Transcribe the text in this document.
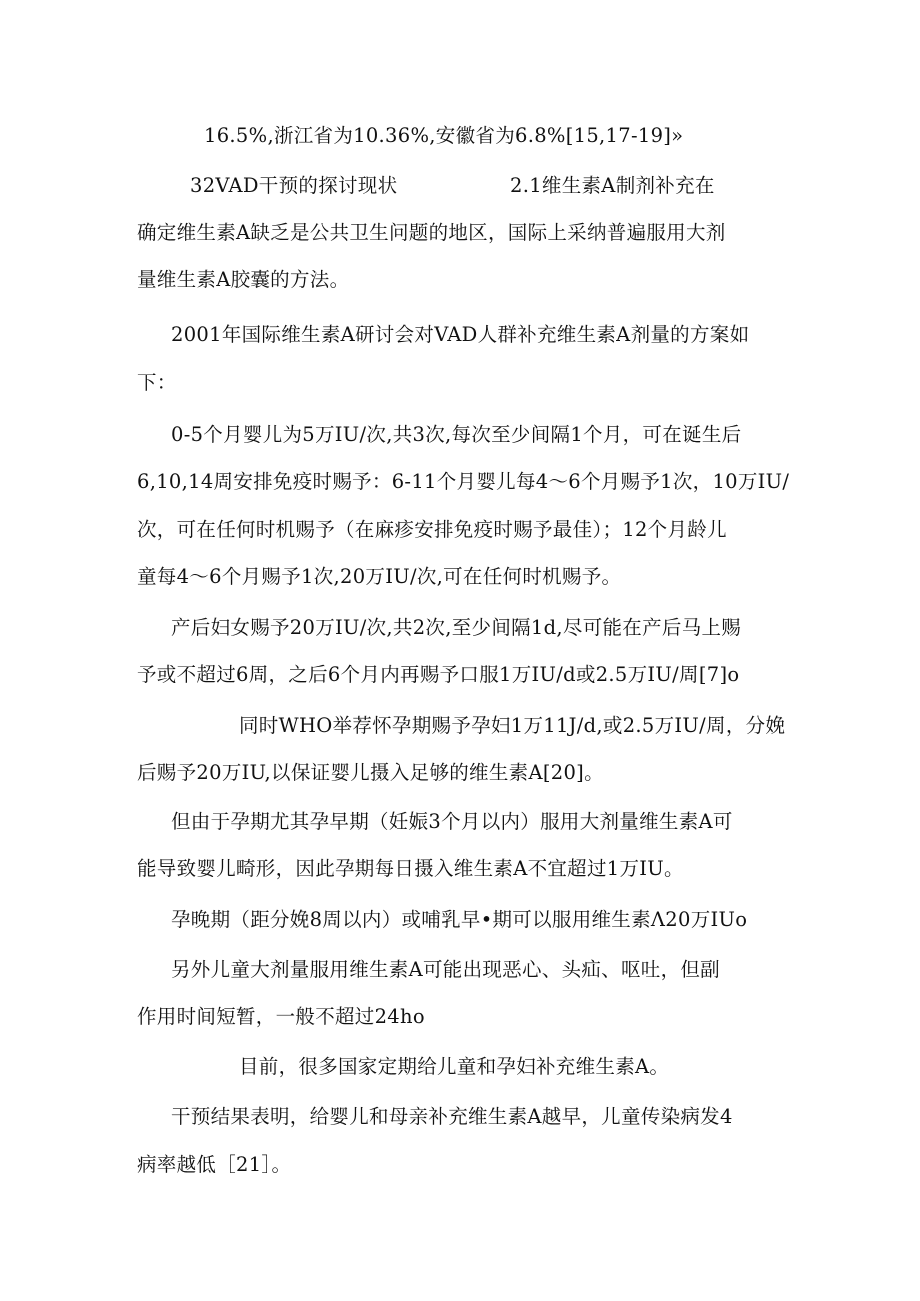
16.5%,浙江省为10.36%,安徽省为6.8%[15,17-19]»
32VAD干预的探讨现状	2.1维生素A制剂补充在
确定维生素A缺乏是公共卫生问题的地区，国际上采纳普遍服用大剂
量维生素A胶囊的方法。
2001年国际维生素A研讨会对VAD人群补充维生素A剂量的方案如
下：
0-5个月婴儿为5万IU/次,共3次,每次至少间隔1个月，可在诞生后
6,10,14周安排免疫时赐予：6-11个月婴儿每4～6个月赐予1次，10万IU/
次，可在任何时机赐予（在麻疹安排免疫时赐予最佳）；12个月龄儿
童每4～6个月赐予1次,20万IU/次,可在任何时机赐予。
产后妇女赐予20万IU/次,共2次,至少间隔1d,尽可能在产后马上赐
予或不超过6周，之后6个月内再赐予口服1万IU/d或2.5万IU/周[7]o
同时WHO举荐怀孕期赐予孕妇1万11J/d,或2.5万IU/周，分娩
后赐予20万IU,以保证婴儿摄入足够的维生素A[20]。
但由于孕期尤其孕早期（妊娠3个月以内）服用大剂量维生素A可
能导致婴儿畸形，因此孕期每日摄入维生素A不宜超过1万IU。
孕晚期（距分娩8周以内）或哺乳早•期可以服用维生素Λ20万IUo
另外儿童大剂量服用维生素A可能出现恶心、头疝、呕吐，但副
作用时间短暂，一般不超过24ho
目前，很多国家定期给儿童和孕妇补充维生素A。
干预结果表明，给婴儿和母亲补充维生素A越早，儿童传染病发4
病率越低［21］。
